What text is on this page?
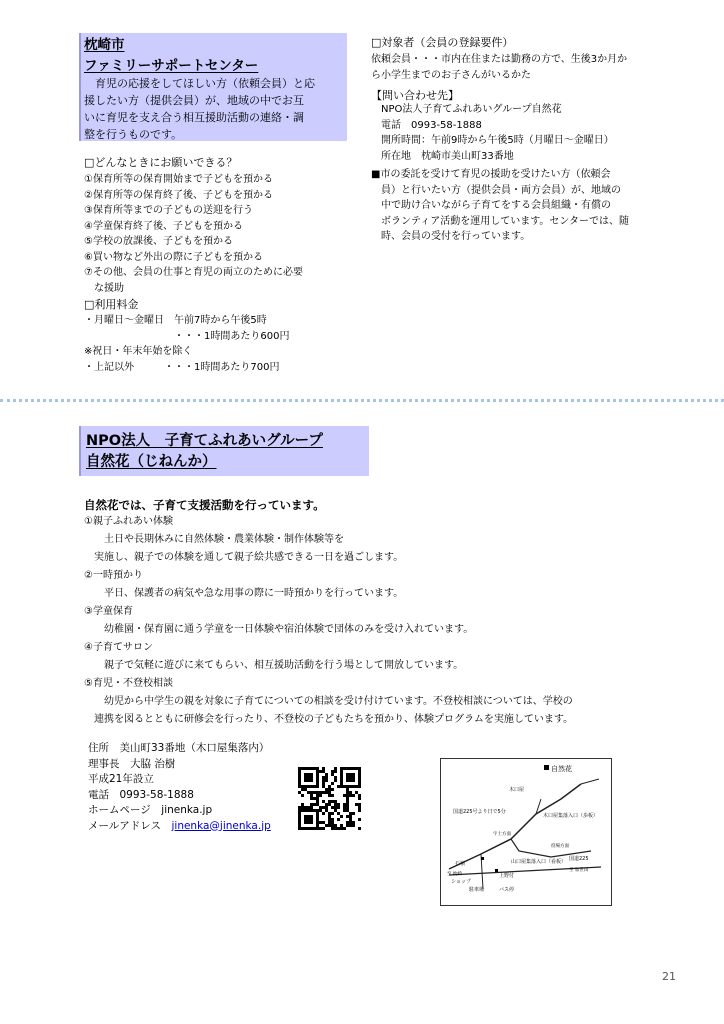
枕崎市
ファミリーサポートセンター
　育児の応援をしてほしい方（依頼会員）と応
援したい方（提供会員）が、地域の中でお互
いに育児を支え合う相互援助活動の連絡・調
整を行うものです。
□どんなときにお願いできる？
①保育所等の保育開始まで子どもを預かる
②保育所等の保育終了後、子どもを預かる
③保育所等までの子どもの送迎を行う
④学童保育終了後、子どもを預かる
⑤学校の放課後、子どもを預かる
⑥買い物など外出の際に子どもを預かる
⑦その他、会員の仕事と育児の両立のために必要
　な援助
□利用料金
・月曜日～金曜日　午前7時から午後5時
　　　　　　　　　・・・1時間あたり600円
※祝日・年末年始を除く
・上記以外　　　・・・1時間あたり700円
□対象者（会員の登録要件）
依頼会員・・・市内在住または勤務の方で、生後3か月か
ら小学生までのお子さんがいるかた
【問い合わせ先】
　NPO法人子育てふれあいグループ自然花
　電話　0993-58-1888
　開所時間：午前9時から午後5時（月曜日～金曜日）
　所在地　枕崎市美山町33番地
■市の委託を受けて育児の援助を受けたい方（依頼会
　員）と行いたい方（提供会員・両方会員）が、地域の
　中で助け合いながら子育てをする会員組織・有償の
　ボランティア活動を運用しています。センターでは、随
　時、会員の受付を行っています。
NPO法人　子育てふれあいグループ
自然花（じねんか）
自然花では、子育て支援活動を行っています。
①親子ふれあい体験
　　土日や長期休みに自然体験・農業体験・制作体験等を
　実施し、親子での体験を通して親子絵共感できる一日を過ごします。
②一時預かり
　　平日、保護者の病気や急な用事の際に一時預かりを行っています。
③学童保育
　　幼稚園・保育園に通う学童を一日体験や宿泊体験で団体のみを受け入れています。
④子育てサロン
　　親子で気軽に遊びに来てもらい、相互援助活動を行う場として開放しています。
⑤育児・不登校相談
　　幼児から中学生の親を対象に子育てについての相談を受け付けています。不登校相談については、学校の
　連携を図るとともに研修会を行ったり、不登校の子どもたちを預かり、体験プログラムを実施しています。
住所　美山町33番地（木口屋集落内）
理事長　大脇 治樹
平成21年設立
電話　0993-58-1888
ホームページ　jinenka.jp
メールアドレス　jinenka@jinenka.jp
自然花
木口屋
国道225号より日で5分
木口屋集落入口（歩板）
山口屋集落入口（看板） 国道225
石嶺
上野付
ショップ
駐車場	バス停
至 枕崎
至 加世田
宇土方面
役場方面
21
